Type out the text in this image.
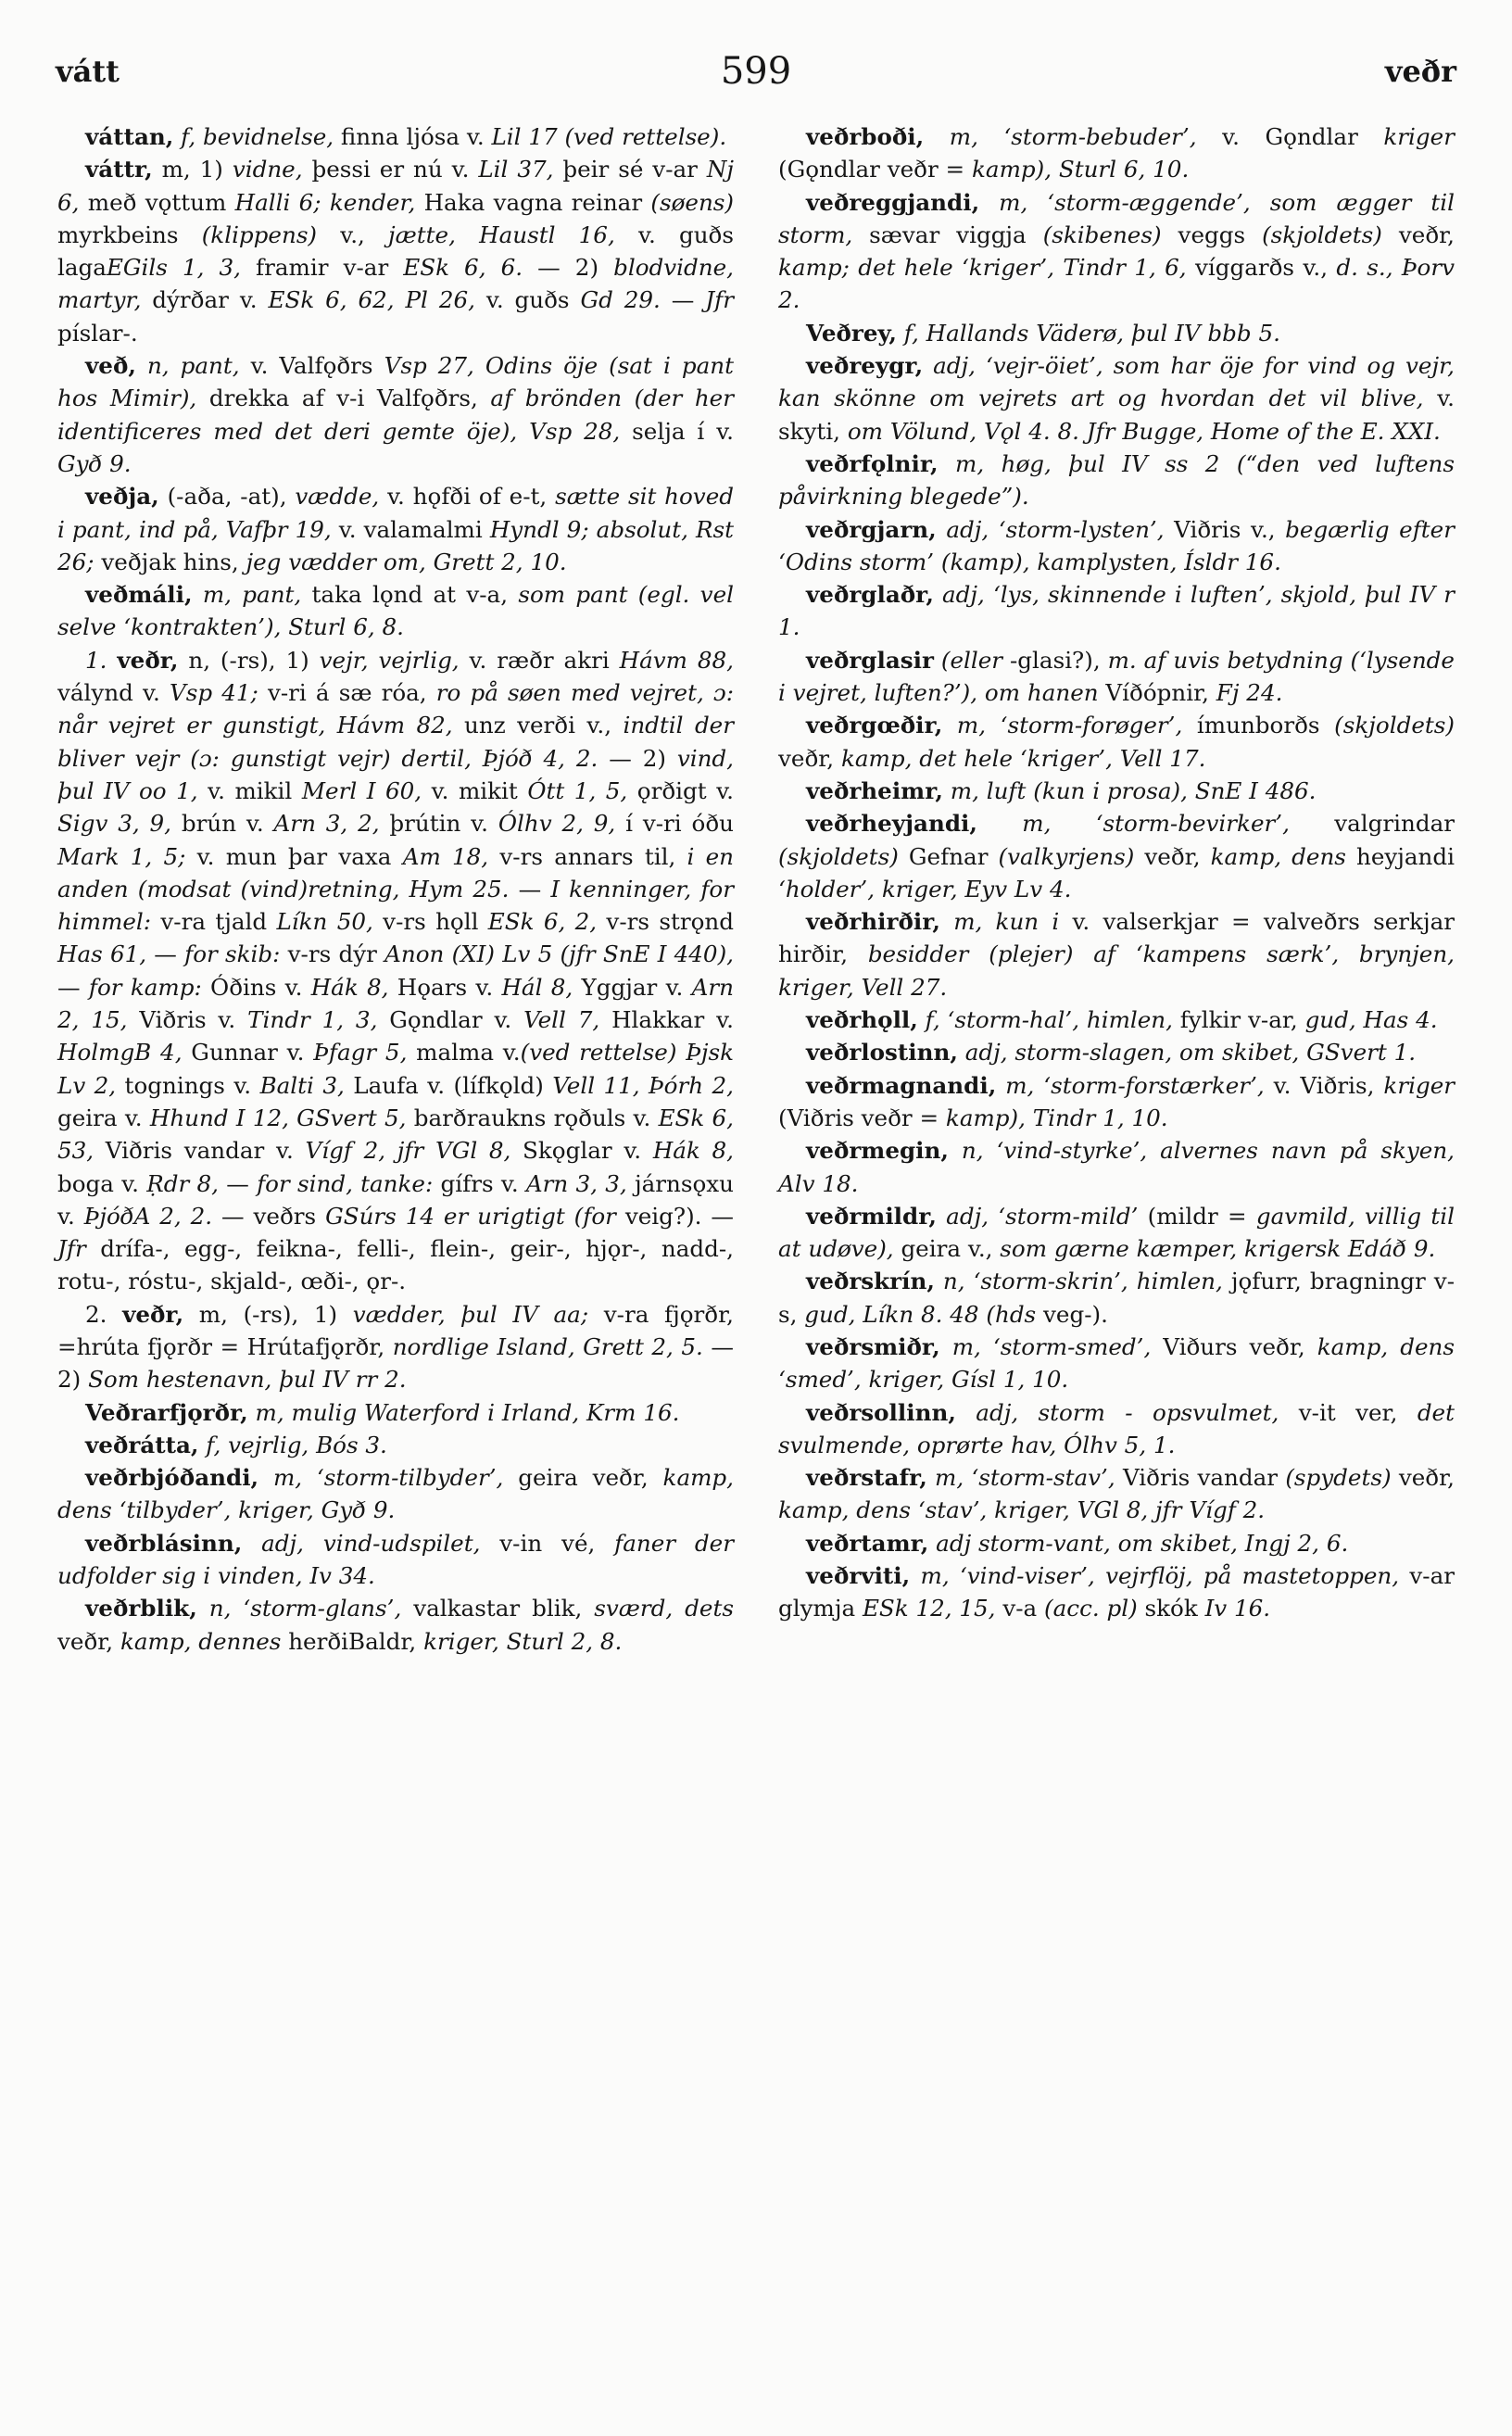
vátt	599	veðr

váttan, f, bevidnelse, finna ljósa v. Lil 17 (ved rettelse).

váttr, m, 1) vidne, þessi er nú v. Lil 37, þeir sé v-ar Nj 6, með vǫttum Halli 6; kender, Haka vagna reinar (søens) myrkbeins (klippens) v., jætte, Haustl 16, v. guðs lagaEGils 1, 3, framir v-ar ESk 6, 6. — 2) blodvidne, martyr, dýrðar v. ESk 6, 62, Pl 26, v. guðs Gd 29. — Jfr píslar-.

veð, n, pant, v. Valfǫðrs Vsp 27, Odins öje (sat i pant hos Mimir), drekka af v-i Valfǫðrs, af brönden (der her identificeres med det deri gemte öje), Vsp 28, selja í v. Gyð 9.

veðja, (-aða, -at), vædde, v. hǫfði of e-t, sætte sit hoved i pant, ind på, Vafþr 19, v. valamalmi Hyndl 9; absolut, Rst 26; veðjak hins, jeg vædder om, Grett 2, 10.

veðmáli, m, pant, taka lǫnd at v-a, som pant (egl. vel selve ‘kontrakten’), Sturl 6, 8.

1. veðr, n, (-rs), 1) vejr, vejrlig, v. ræðr akri Hávm 88, válynd v. Vsp 41; v-ri á sæ róa, ro på søen med vejret, ɔ: når vejret er gunstigt, Hávm 82, unz verði v., indtil der bliver vejr (ɔ: gunstigt vejr) dertil, Þjóð 4, 2. — 2) vind, þul IV oo 1, v. mikil Merl I 60, v. mikit Ótt 1, 5, ǫrðigt v. Sigv 3, 9, brún v. Arn 3, 2, þrútin v. Ólhv 2, 9, í v-ri óðu Mark 1, 5; v. mun þar vaxa Am 18, v-rs annars til, i en anden (modsat (vind)retning, Hym 25. — I kenninger, for himmel: v-ra tjald Líkn 50, v-rs hǫll ESk 6, 2, v-rs strǫnd Has 61, — for skib: v-rs dýr Anon (XI) Lv 5 (jfr SnE I 440), — for kamp: Óðins v. Hák 8, Hǫars v. Hál 8, Yggjar v. Arn 2, 15, Viðris v. Tindr 1, 3, Gǫndlar v. Vell 7, Hlakkar v. HolmgB 4, Gunnar v. Þfagr 5, malma v.(ved rettelse) Þjsk Lv 2, tognings v. Balti 3, Laufa v. (lífkǫld) Vell 11, Þórh 2, geira v. Hhund I 12, GSvert 5, barðraukns rǫðuls v. ESk 6, 53, Viðris vandar v. Vígf 2, jfr VGl 8, Skǫglar v. Hák 8, boga v. Ṛdr 8, — for sind, tanke: gífrs v. Arn 3, 3, járnsǫxu v. ÞjóðA 2, 2. — veðrs GSúrs 14 er urigtigt (for veig?). — Jfr drífa-, egg-, feikna-, felli-, flein-, geir-, hjǫr-, nadd-, rotu-, róstu-, skjald-, œði-, ǫr-.

2. veðr, m, (-rs), 1) vædder, þul IV aa; v-ra fjǫrðr, =hrúta fjǫrðr = Hrútafjǫrðr, nordlige Island, Grett 2, 5. — 2) Som hestenavn, þul IV rr 2.

Veðrarfjǫrðr, m, mulig Waterford i Irland, Krm 16.

veðrátta, f, vejrlig, Bós 3.

veðrbjóðandi, m, ‘storm-tilbyder’, geira veðr, kamp, dens ‘tilbyder’, kriger, Gyð 9.

veðrblásinn, adj, vind-udspilet, v-in vé, faner der udfolder sig i vinden, Iv 34.

veðrblik, n, ‘storm-glans’, valkastar blik, sværd, dets veðr, kamp, dennes herðiBaldr, kriger, Sturl 2, 8.

veðrboði, m, ‘storm-bebuder’, v. Gǫndlar kriger (Gǫndlar veðr = kamp), Sturl 6, 10.

veðreggjandi, m, ‘storm-æggende’, som ægger til storm, sævar viggja (skibenes) veggs (skjoldets) veðr, kamp; det hele ‘kriger’, Tindr 1, 6, víggarðs v., d. s., Þorv 2.

Veðrey, f, Hallands Väderø, þul IV bbb 5.

veðreygr, adj, ‘vejr-öiet’, som har öje for vind og vejr, kan skönne om vejrets art og hvordan det vil blive, v. skyti, om Völund, Vǫl 4. 8. Jfr Bugge, Home of the E. XXI.

veðrfǫlnir, m, høg, þul IV ss 2 (“den ved luftens påvirkning blegede”).

veðrgjarn, adj, ‘storm-lysten’, Viðris v., begærlig efter ‘Odins storm’ (kamp), kamplysten, Ísldr 16.

veðrglaðr, adj, ‘lys, skinnende i luften’, skjold, þul IV r 1.

veðrglasir (eller -glasi?), m. af uvis betydning (‘lysende i vejret, luften?’), om hanen Víðópnir, Fj 24.

veðrgœðir, m, ‘storm-forøger’, ímunborðs (skjoldets) veðr, kamp, det hele ‘kriger’, Vell 17.

veðrheimr, m, luft (kun i prosa), SnE I 486.

veðrheyjandi, m, ‘storm-bevirker’, valgrindar (skjoldets) Gefnar (valkyrjens) veðr, kamp, dens heyjandi ‘holder’, kriger, Eyv Lv 4.

veðrhirðir, m, kun i v. valserkjar = valveðrs serkjar hirðir, besidder (plejer) af ‘kampens særk’, brynjen, kriger, Vell 27.

veðrhǫll, f, ‘storm-hal’, himlen, fylkir v-ar, gud, Has 4.

veðrlostinn, adj, storm-slagen, om skibet, GSvert 1.

veðrmagnandi, m, ‘storm-forstærker’, v. Viðris, kriger (Viðris veðr = kamp), Tindr 1, 10.

veðrmegin, n, ‘vind-styrke’, alvernes navn på skyen, Alv 18.

veðrmildr, adj, ‘storm-mild’ (mildr = gavmild, villig til at udøve), geira v., som gærne kæmper, krigersk Edáð 9.

veðrskrín, n, ‘storm-skrin’, himlen, jǫfurr, bragningr v-s, gud, Líkn 8. 48 (hds veg-).

veðrsmiðr, m, ‘storm-smed’, Viðurs veðr, kamp, dens ‘smed’, kriger, Gísl 1, 10.

veðrsollinn, adj, storm - opsvulmet, v-it ver, det svulmende, oprørte hav, Ólhv 5, 1.

veðrstafr, m, ‘storm-stav’, Viðris vandar (spydets) veðr, kamp, dens ‘stav’, kriger, VGl 8, jfr Vígf 2.

veðrtamr, adj storm-vant, om skibet, Ingj 2, 6.

veðrviti, m, ‘vind-viser’, vejrflöj, på mastetoppen, v-ar glymja ESk 12, 15, v-a (acc. pl) skók Iv 16.
